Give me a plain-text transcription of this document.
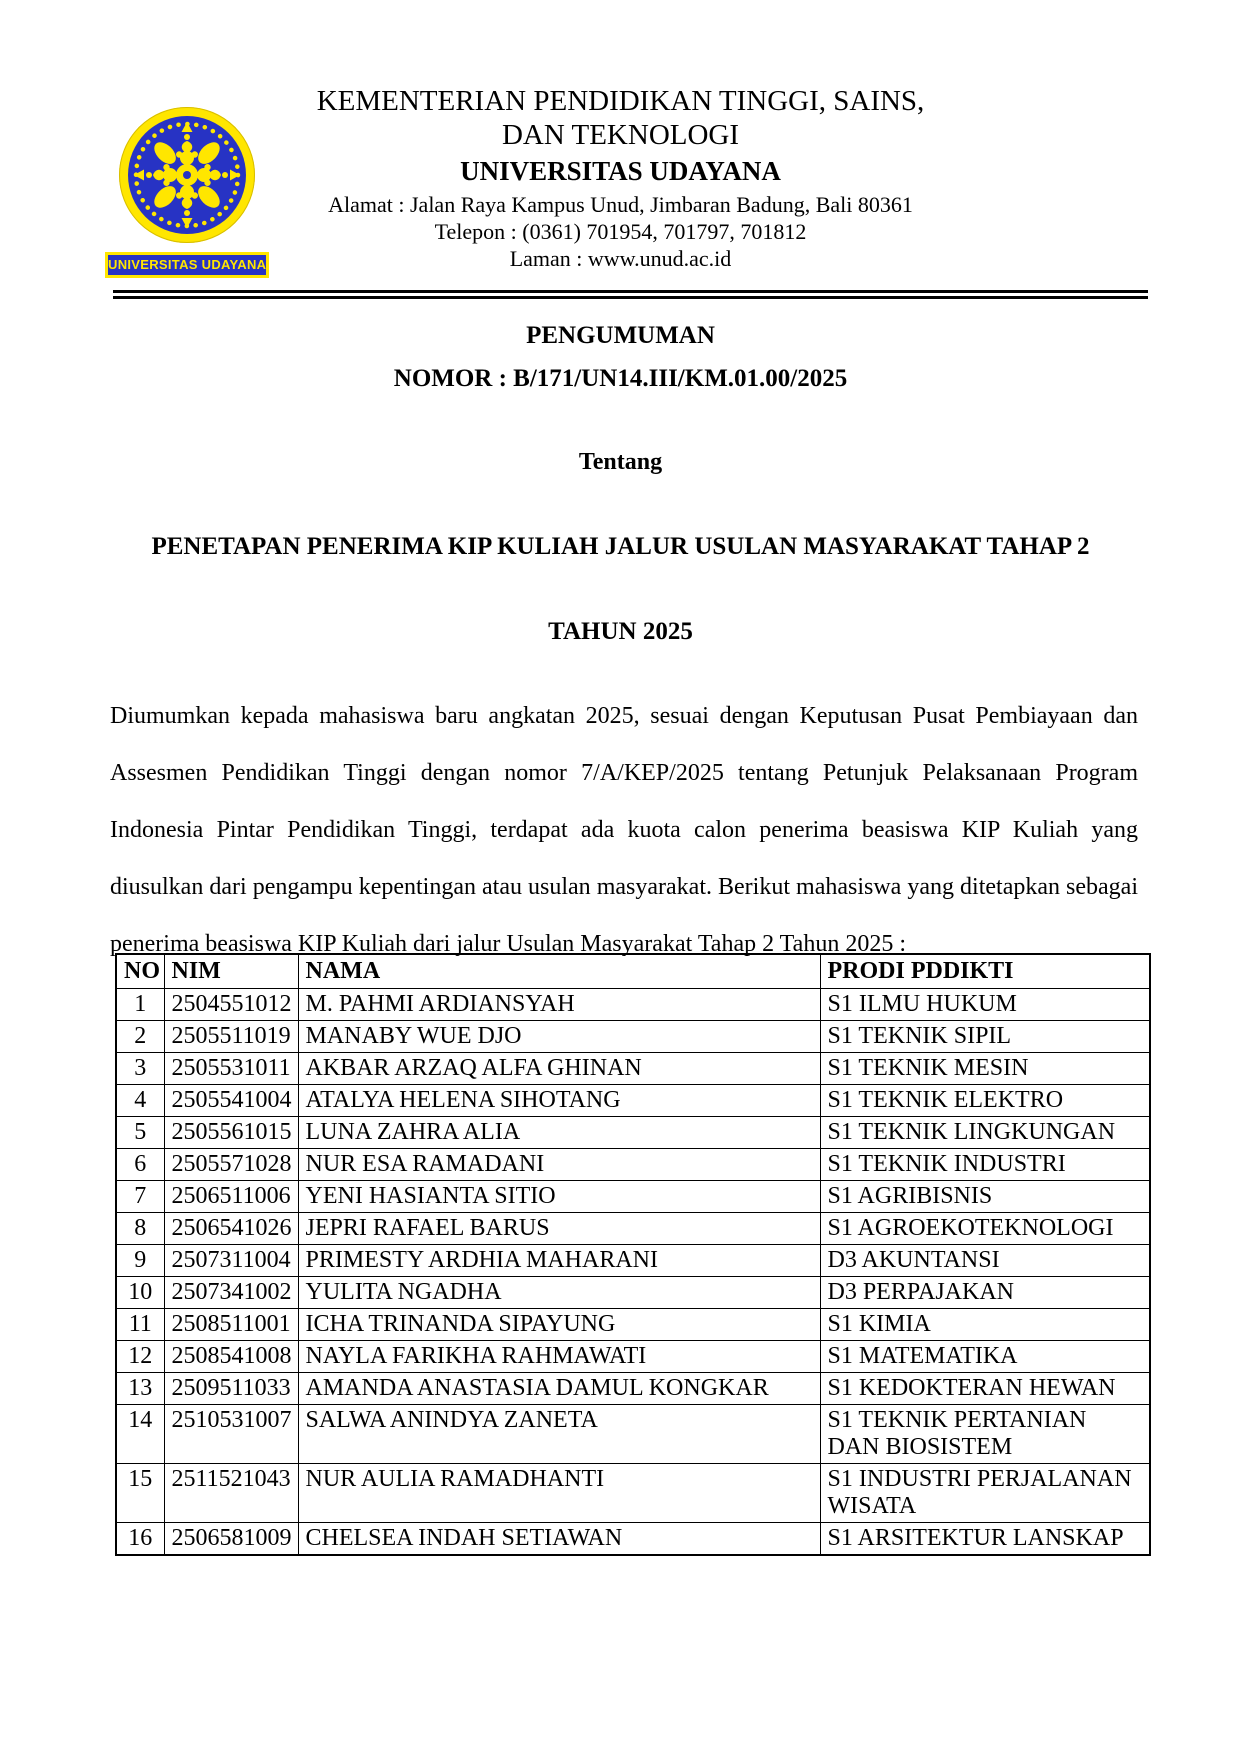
UNIVERSITAS UDAYANA
KEMENTERIAN PENDIDIKAN TINGGI, SAINS,
DAN TEKNOLOGI
UNIVERSITAS UDAYANA
Alamat : Jalan Raya Kampus Unud, Jimbaran Badung, Bali 80361
Telepon : (0361) 701954, 701797, 701812
Laman : www.unud.ac.id
PENGUMUMAN
NOMOR : B/171/UN14.III/KM.01.00/2025
Tentang
PENETAPAN PENERIMA KIP KULIAH JALUR USULAN MASYARAKAT TAHAP 2
TAHUN 2025

Diumumkan kepada mahasiswa baru angkatan 2025, sesuai dengan Keputusan Pusat Pembiayaan dan Assesmen Pendidikan Tinggi dengan nomor 7/A/KEP/2025 tentang Petunjuk Pelaksanaan Program Indonesia Pintar Pendidikan Tinggi, terdapat ada kuota calon penerima beasiswa KIP Kuliah yang diusulkan dari pengampu kepentingan atau usulan masyarakat. Berikut mahasiswa yang ditetapkan sebagai penerima beasiswa KIP Kuliah dari jalur Usulan Masyarakat Tahap 2 Tahun 2025 :

NO	NIM	NAMA	PRODI PDDIKTI
1	2504551012	M. PAHMI ARDIANSYAH	S1 ILMU HUKUM
2	2505511019	MANABY WUE DJO	S1 TEKNIK SIPIL
3	2505531011	AKBAR ARZAQ ALFA GHINAN	S1 TEKNIK MESIN
4	2505541004	ATALYA HELENA SIHOTANG	S1 TEKNIK ELEKTRO
5	2505561015	LUNA ZAHRA ALIA	S1 TEKNIK LINGKUNGAN
6	2505571028	NUR ESA RAMADANI	S1 TEKNIK INDUSTRI
7	2506511006	YENI HASIANTA SITIO	S1 AGRIBISNIS
8	2506541026	JEPRI RAFAEL BARUS	S1 AGROEKOTEKNOLOGI
9	2507311004	PRIMESTY ARDHIA MAHARANI	D3 AKUNTANSI
10	2507341002	YULITA NGADHA	D3 PERPAJAKAN
11	2508511001	ICHA TRINANDA SIPAYUNG	S1 KIMIA
12	2508541008	NAYLA FARIKHA RAHMAWATI	S1 MATEMATIKA
13	2509511033	AMANDA ANASTASIA DAMUL KONGKAR	S1 KEDOKTERAN HEWAN
14	2510531007	SALWA ANINDYA ZANETA	S1 TEKNIK PERTANIAN DAN BIOSISTEM
15	2511521043	NUR AULIA RAMADHANTI	S1 INDUSTRI PERJALANAN WISATA
16	2506581009	CHELSEA INDAH SETIAWAN	S1 ARSITEKTUR LANSKAP
